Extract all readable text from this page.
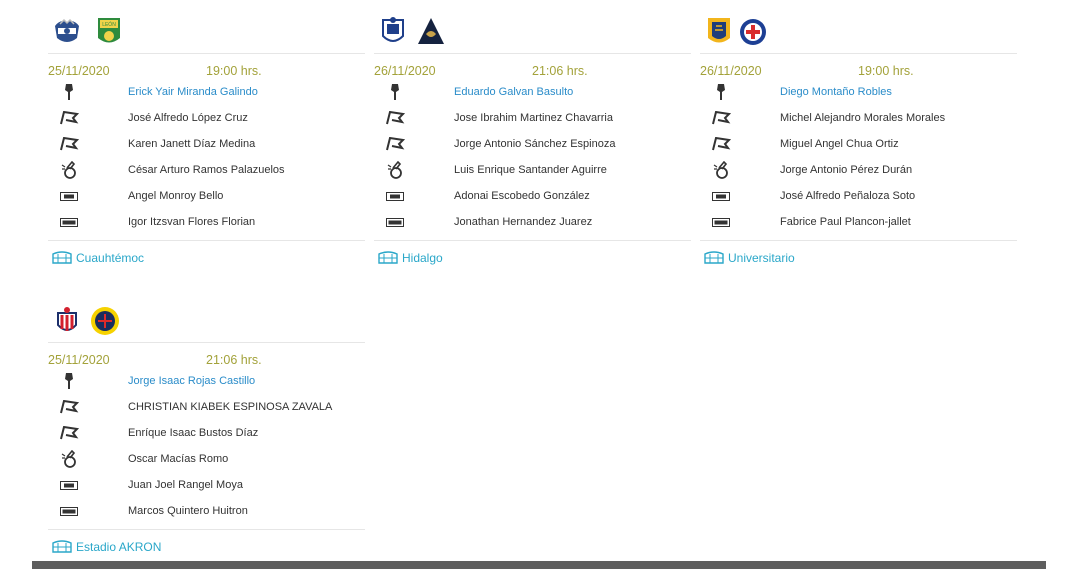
LEÓN
25/11/2020	19:00 hrs.
Erick Yair Miranda Galindo
José Alfredo López Cruz
Karen Janett Díaz Medina
César Arturo Ramos Palazuelos
Angel Monroy Bello
Igor Itzsvan Flores Florian
Cuauhtémoc
26/11/2020	21:06 hrs.
Eduardo Galvan Basulto
Jose Ibrahim Martinez Chavarria
Jorge Antonio Sánchez Espinoza
Luis Enrique Santander Aguirre
Adonai Escobedo González
Jonathan Hernandez Juarez
Hidalgo
26/11/2020	19:00 hrs.
Diego Montaño Robles
Michel Alejandro Morales Morales
Miguel Angel Chua Ortiz
Jorge Antonio Pérez Durán
José Alfredo Peñaloza Soto
Fabrice Paul Plancon-jallet
Universitario
25/11/2020	21:06 hrs.
Jorge Isaac Rojas Castillo
CHRISTIAN KIABEK ESPINOSA ZAVALA
Enríque Isaac Bustos Díaz
Oscar Macías Romo
Juan Joel Rangel Moya
Marcos Quintero Huitron
Estadio AKRON
